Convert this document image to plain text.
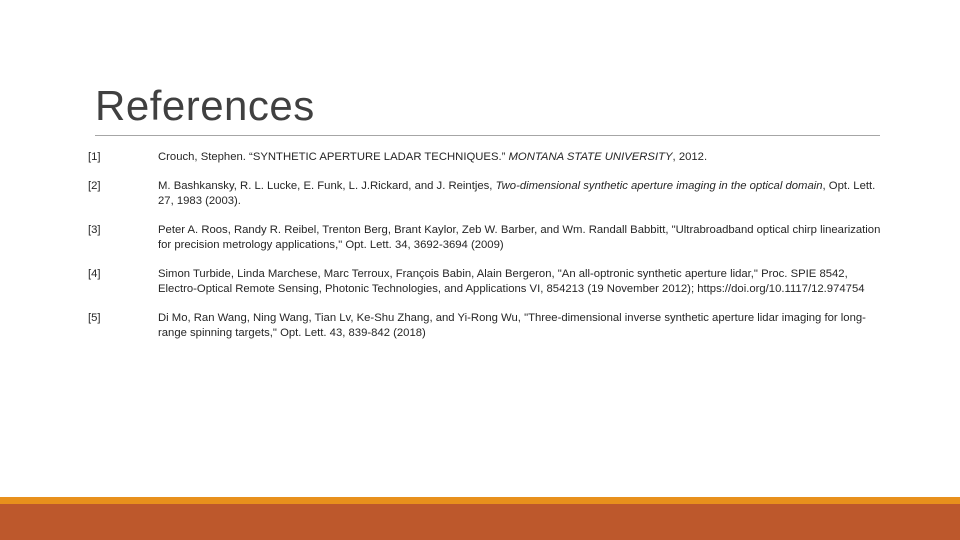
References
[1]	Crouch, Stephen. “SYNTHETIC APERTURE LADAR TECHNIQUES.” MONTANA STATE UNIVERSITY, 2012.
[2]	M. Bashkansky, R. L. Lucke, E. Funk, L. J.Rickard, and J. Reintjes, Two-dimensional synthetic aperture imaging in the optical domain, Opt. Lett. 27, 1983 (2003).
[3]	Peter A. Roos, Randy R. Reibel, Trenton Berg, Brant Kaylor, Zeb W. Barber, and Wm. Randall Babbitt, "Ultrabroadband optical chirp linearization for precision metrology applications," Opt. Lett. 34, 3692-3694 (2009)
[4]	Simon Turbide, Linda Marchese, Marc Terroux, François Babin, Alain Bergeron, "An all-optronic synthetic aperture lidar," Proc. SPIE 8542, Electro-Optical Remote Sensing, Photonic Technologies, and Applications VI, 854213 (19 November 2012); https://doi.org/10.1117/12.974754
[5]	Di Mo, Ran Wang, Ning Wang, Tian Lv, Ke-Shu Zhang, and Yi-Rong Wu, "Three-dimensional inverse synthetic aperture lidar imaging for long-range spinning targets," Opt. Lett. 43, 839-842 (2018)
